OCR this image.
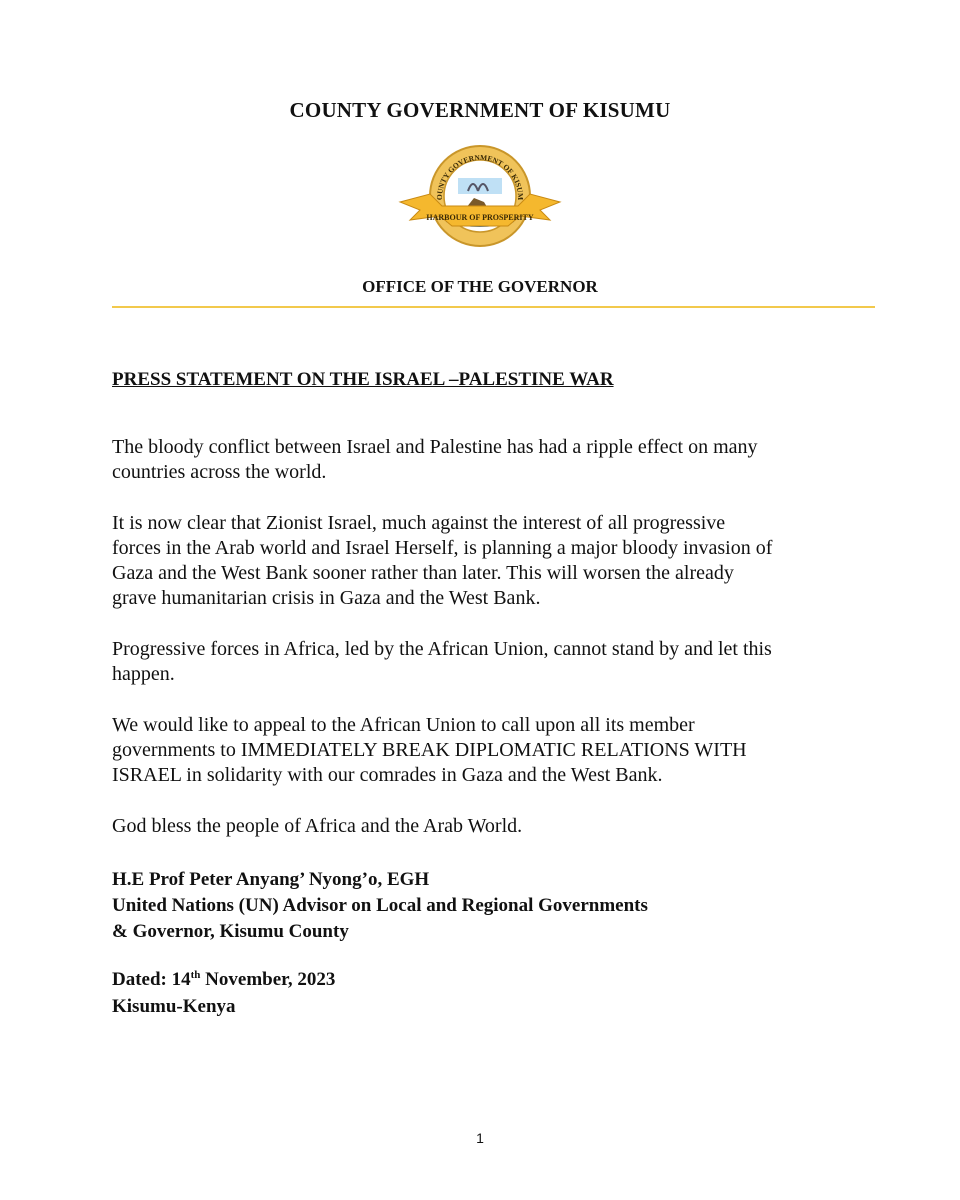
COUNTY GOVERNMENT OF KISUMU
OUNTY GOVERNMENT OF KISUM
HARBOUR OF PROSPERITY
OFFICE OF THE GOVERNOR
PRESS STATEMENT ON THE ISRAEL –PALESTINE WAR

The bloody conflict between Israel and Palestine has had a ripple effect on many
countries across the world.

It is now clear that Zionist Israel, much against the interest of all progressive
forces in the Arab world and Israel Herself, is planning a major bloody invasion of
Gaza and the West Bank sooner rather than later. This will worsen the already
grave humanitarian crisis in Gaza and the West Bank.

Progressive forces in Africa, led by the African Union, cannot stand by and let this
happen.

We would like to appeal to the African Union to call upon all its member
governments to IMMEDIATELY BREAK DIPLOMATIC RELATIONS WITH
ISRAEL in solidarity with our comrades in Gaza and the West Bank.

God bless the people of Africa and the Arab World.

H.E Prof Peter Anyang’ Nyong’o, EGH
United Nations (UN) Advisor on Local and Regional Governments
& Governor, Kisumu County
Dated: 14th November, 2023
Kisumu-Kenya
1
